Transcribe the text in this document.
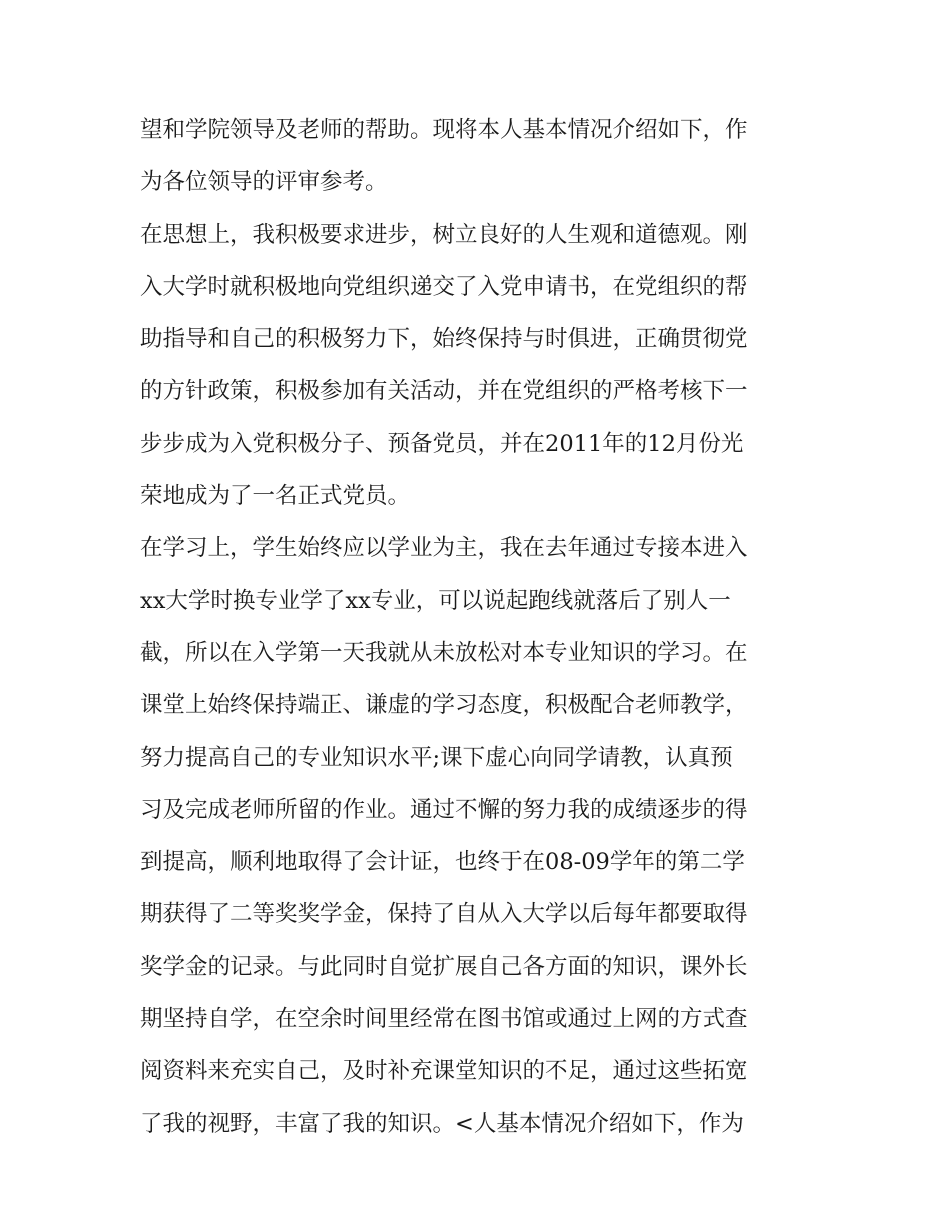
望和学院领导及老师的帮助。现将本人基本情况介绍如下，作
为各位领导的评审参考。
在思想上，我积极要求进步，树立良好的人生观和道德观。刚
入大学时就积极地向党组织递交了入党申请书，在党组织的帮
助指导和自己的积极努力下，始终保持与时俱进，正确贯彻党
的方针政策，积极参加有关活动，并在党组织的严格考核下一
步步成为入党积极分子、预备党员，并在2011年的12月份光
荣地成为了一名正式党员。
在学习上，学生始终应以学业为主，我在去年通过专接本进入
xx大学时换专业学了xx专业，可以说起跑线就落后了别人一
截，所以在入学第一天我就从未放松对本专业知识的学习。在
课堂上始终保持端正、谦虚的学习态度，积极配合老师教学，
努力提高自己的专业知识水平;课下虚心向同学请教，认真预
习及完成老师所留的作业。通过不懈的努力我的成绩逐步的得
到提高，顺利地取得了会计证，也终于在08-09学年的第二学
期获得了二等奖奖学金，保持了自从入大学以后每年都要取得
奖学金的记录。与此同时自觉扩展自己各方面的知识，课外长
期坚持自学，在空余时间里经常在图书馆或通过上网的方式查
阅资料来充实自己，及时补充课堂知识的不足，通过这些拓宽
了我的视野，丰富了我的知识。<人基本情况介绍如下，作为
